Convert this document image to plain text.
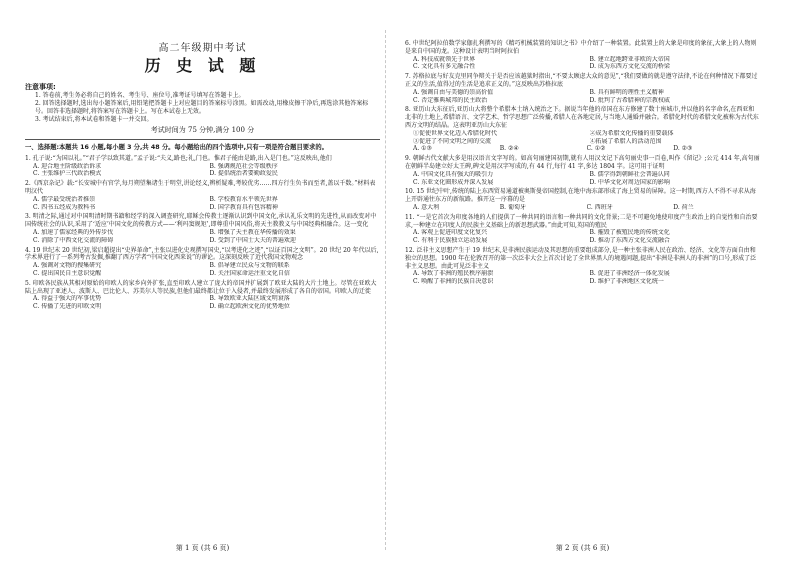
高二年级期中考试
历 史 试 题
注意事项:
1. 答卷前,考生务必将自己的姓名、考生号、座位号,准考证号填写在答题卡上。
2. 回答选择题时,选出每小题答案后,用铅笔把答题卡上对应题目的答案标号涂黑。如需改动,用橡皮擦干净后,再选涂其他答案标号。回答非选择题时,将答案写在答题卡上。写在本试卷上无效。
3. 考试结束后,将本试卷和答题卡一并交回。
考试时间为 75 分钟,满分 100 分
一、选择题:本题共 16 小题,每小题 3 分,共 48 分。每小题给出的四个选项中,只有一项是符合题目要求的。
1. 孔子说:“为国以礼。”“君子学以致其道。”孟子说:“夫义,路也;礼,门也。惟君子能由是路,出入是门也。”这反映出,他们
A. 迎合地主阶级政治诉求	B. 强调规范社会等级秩序
C. 主张维护三代政治模式	D. 提倡统治者要勤政爱民
2.《西京杂记》载:“长安城中有官学,每月朔望集诸生于明堂,讲论经义,辨析疑难,考较优劣……四方行生负书而至者,盖以千数。”材料表明汉代
A. 儒学最受统治者推崇	B. 学校教育水平领先世界
C. 四书五经成为教科书	D. 国学教育具有包容精神
3. 明清之际,通过对中国明清时期书籍和经学的深入调查研究,耶稣会传教士逐渐认识到中国文化,承认礼乐文明的先进性,从而改变对中国传统社会的认识,采用了‘适应’中国文化的传教方式——‘利玛窦规矩’,即尊重中国风俗,将天主教教义与中国经典相融合。这一变化
A. 加速了儒家经典的外传步伐	B. 增强了天主教在华传播的效果
C. 消除了中西文化交流的障碍	D. 受到了中国士大夫的普遍欢迎
4. 19 世纪末 20 世纪初,梁启超提出“史界革命”,主张以进化史观撰写国史,“以考进化之迹”,“以证百国之文明”。20 世纪 20 年代以后,学术界进行了一系列考古发掘,推翻了西方学者“中国文化西来说”的谬论。这深刻反映了近代我国文物观念
A. 强调对文物的搜集研究	B. 倡导建立民众与文物的联系
C. 提出国民自主意识觉醒	D. 关注国家命运注重文化自信
5. 印欧各民族从其相对原始的印欧人的家乡向外扩张,直至印欧人建立了庞大的帝国并扩展到了欧亚大陆的大片土地上。尽管在亚欧大陆上出现了亚述人、波斯人、巴比伦人、苏美尔人等民族,但他们最终都让位于入侵者,并最终发展形成了各自的帝国。印欧人的迁徙
A. 得益于强大的军事优势	B. 导致欧亚大陆区域文明衰落
C. 传播了先进的印欧文明	D. 确立起欧洲文化的优势地位
6. 中世纪阿拉伯数学家伽扎利撰写的《精巧机械装置的知识之书》中介绍了一种装置。此装置上的大象是印度的象征,大象上的人物则是来自中国的龙。这种设计表明当时阿拉伯
A. 科技成就领先于世界	B. 建立起地跨亚非欧的大帝国
C. 文化具有多元融合性	D. 成为东西方文化交流的桥梁
7. 苏格拉底与好友克里同争辩关于是否应该越狱时指出,“不要太顾虑大众的意见”,“我们要做的就是遵守法律,不论在何种情况下都要过正义的生活,值得过的生活是追求正义的。”这反映出苏格拉底
A. 强调自由与美德的崇高价值	B. 具有鲜明的理性主义精神
C. 否定雅典城邦的民主政治	D. 批判了古希腊神的宗教权威
8. 亚历山大东征后,亚历山大将整个希腊本土纳入统治之下。据说当年他的帝国在东方修建了数十座城市,并以他的名字命名,在西亚和北非的土地上,希腊语言、文学艺术、哲学思想广泛传播,希腊人在各地定居,与当地人通婚并融合。希腊化时代的希腊文化被称为古代东西方文明的结晶。这表明亚历山大东征
①促使世界文化迈入希腊化时代	②成为希腊文化传播的重要载体
③促进了不同文明之间的交流	④拓展了希腊人的活动范围
A. ①③	B. ②④	C. ①②	D. ②③
9. 朝鲜古代文献大多是用汉语言文字写的。如高句丽建国初期,就有人用汉文记下高句丽史事一百卷,叫作《留记》;公元 414 年,高句丽在朝鲜半岛建立好太王碑,碑文是用汉字写成的,有 44 行,每行 41 字,多达 1804 字。这可用于证明
A. 中国文化具有强大的吸引力	B. 儒学得到朝鲜社会普遍认同
C. 东亚文化圈形成并深入发展	D. 中华文化对周边国家的影响
10. 15 世纪中叶,传统的陆上东西贸易通道被奥斯曼帝国控制,在地中海东部形成了海上贸易的屏障。这一时期,西方人不得不寻求从海上开辟通往东方的新航路。推开这一序幕的是
A. 意大利	B. 葡萄牙	C. 西班牙	D. 荷兰
11. “一是它首次为印度各地的人们提供了一种共同的语言和一种共同的文化背景;二是不可避免地使印度产生政治上的自觉性和自治要求,一种建立在印度人的民族主义基础上的新思想武器。”由此可知,英国的殖民
A. 客观上促进印度文化复兴	B. 摧毁了被殖民地的传统文化
C. 有利于民族独立运动发展	D. 推动了东西方文化交流融合
12. 泛非主义思想产生于 19 世纪末,是非洲民族运动及其思想的重要组成部分,是一种主张非洲人民在政治、经济、文化等方面自由和独立的思想。1900 年在伦敦召开的第一次泛非大会上首次讨论了全世界黑人的境遇问题,提出“非洲是非洲人的非洲”的口号,形成了泛非主义思想。由此可见泛非主义
A. 导致了非洲的殖民秩序崩溃	B. 促进了非洲经济一体化发展
C. 唤醒了非洲的民族自决意识	D. 维护了非洲地区文化统一
第 1 页 (共 6 页)	第 2 页 (共 6 页)
